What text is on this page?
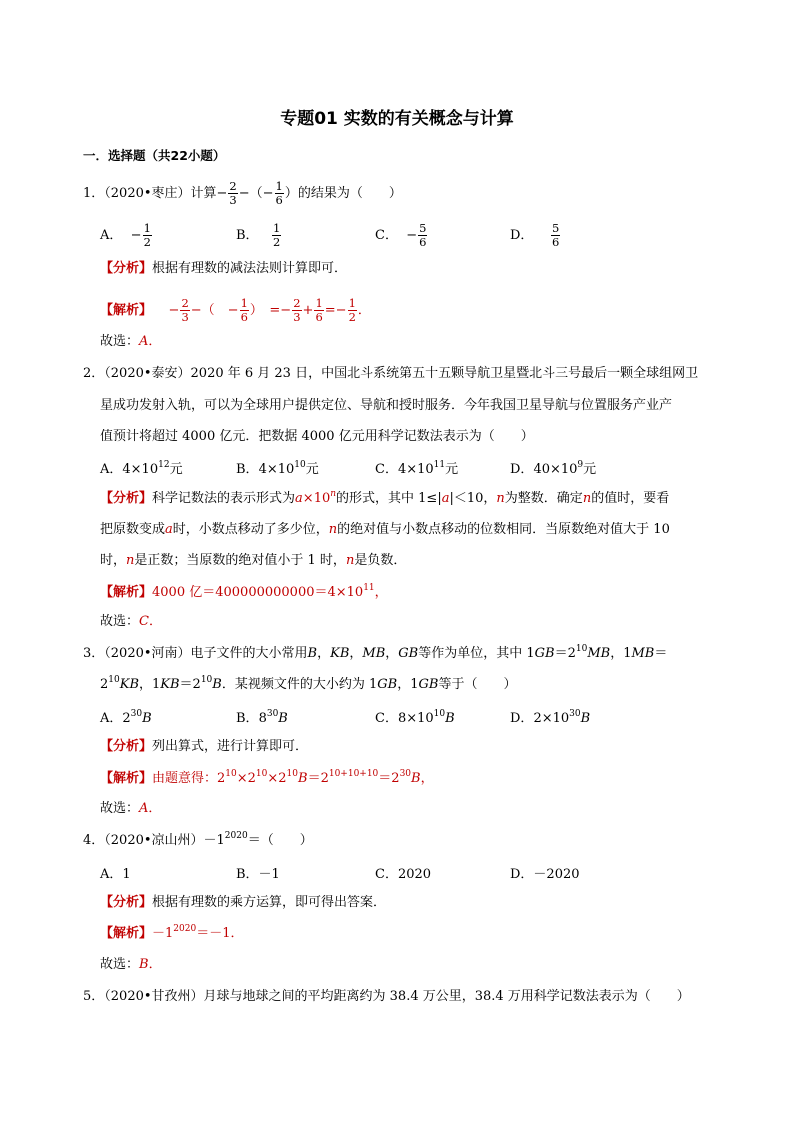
专题01 实数的有关概念与计算
一．选择题（共22小题）
1．（2020•枣庄）计算− $\frac{2}{3}$ −（− $\frac{1}{6}$ ）的结果为（　　）
A． − $\frac{1}{2}$	B． $\frac{1}{2}$	C． − $\frac{5}{6}$	D． $\frac{5}{6}$
【分析】根据有理数的减法法则计算即可．
【解析】 − $\frac{2}{3}$ −（　− $\frac{1}{6}$ ）　=− $\frac{2}{3} + \frac{1}{6} =- \frac{1}{2}$ ．
故选：A．
2．（2020•泰安）2020 年 6 月 23 日，中国北斗系统第五十五颗导航卫星暨北斗三号最后一颗全球组网卫
星成功发射入轨，可以为全球用户提供定位、导航和授时服务．今年我国卫星导航与位置服务产业产
值预计将超过 4000 亿元．把数据 4000 亿元用科学记数法表示为（　　）
A．$4\times 10^{12}$元	B．$4\times 10^{10}$元	C．$4\times 10^{11}$元	D．$40\times 10^9$元
【分析】科学记数法的表示形式为$a\times 10^n$的形式，其中 1≤|a|＜10，n为整数．确定n的值时，要看
把原数变成a时，小数点移动了多少位，n的绝对值与小数点移动的位数相同．当原数绝对值大于 10
时，n是正数；当原数的绝对值小于 1 时，n是负数．
【解析】4000 亿$=400000000000=4\times 10^{11}$，
故选：C．
3．（2020•河南）电子文件的大小常用B，KB，MB，GB等作为单位，其中 $1GB=2^{10}MB$，1MB＝
$2^{10}KB$，$1KB=2^{10}B$．某视频文件的大小约为 1GB，1GB等于（　　）
A．$2^{30}B$	B．$8^{30}B$	C．$8\times 10^{10}B$	D．$2\times 10^{30}B$
【分析】列出算式，进行计算即可．
【解析】由题意得：$2^{10}\times 2^{10}\times 2^{10}B=2^{10+10+10}=2^{30}B$，
故选：A．
4．（2020•凉山州）$-1^{2020}=$（　　）
A．1	B．－1	C．2020	D．－2020
【分析】根据有理数的乘方运算，即可得出答案．
【解析】$-1^{2020}=-1$．
故选：B．
5．（2020•甘孜州）月球与地球之间的平均距离约为 38.4 万公里，38.4 万用科学记数法表示为（　　）
